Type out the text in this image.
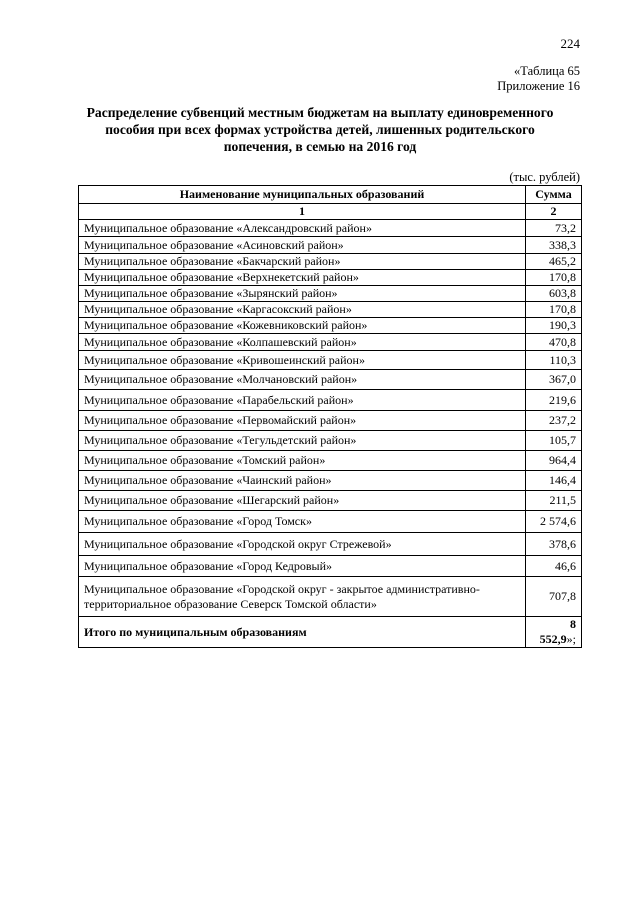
224
«Таблица 65
Приложение 16
Распределение субвенций местным бюджетам на выплату единовременного пособия при всех формах устройства детей, лишенных родительского попечения, в семью на 2016 год
(тыс. рублей)
Наименование муниципальных образований	Сумма
1	2
Муниципальное образование «Александровский район»	73,2
Муниципальное образование «Асиновский район»	338,3
Муниципальное образование «Бакчарский район»	465,2
Муниципальное образование «Верхнекетский район»	170,8
Муниципальное образование «Зырянский район»	603,8
Муниципальное образование «Каргасокский район»	170,8
Муниципальное образование «Кожевниковский район»	190,3
Муниципальное образование «Колпашевский район»	470,8
Муниципальное образование «Кривошеинский район»	110,3
Муниципальное образование «Молчановский район»	367,0
Муниципальное образование «Парабельский район»	219,6
Муниципальное образование «Первомайский район»	237,2
Муниципальное образование «Тегульдетский район»	105,7
Муниципальное образование «Томский район»	964,4
Муниципальное образование «Чаинский район»	146,4
Муниципальное образование «Шегарский район»	211,5
Муниципальное образование «Город Томск»	2 574,6
Муниципальное образование «Городской округ Стрежевой»	378,6
Муниципальное образование «Город Кедровый»	46,6
Муниципальное образование «Городской округ - закрытое административно-территориальное образование Северск Томской области»	707,8
Итого по муниципальным образованиям	8 552,9»;
